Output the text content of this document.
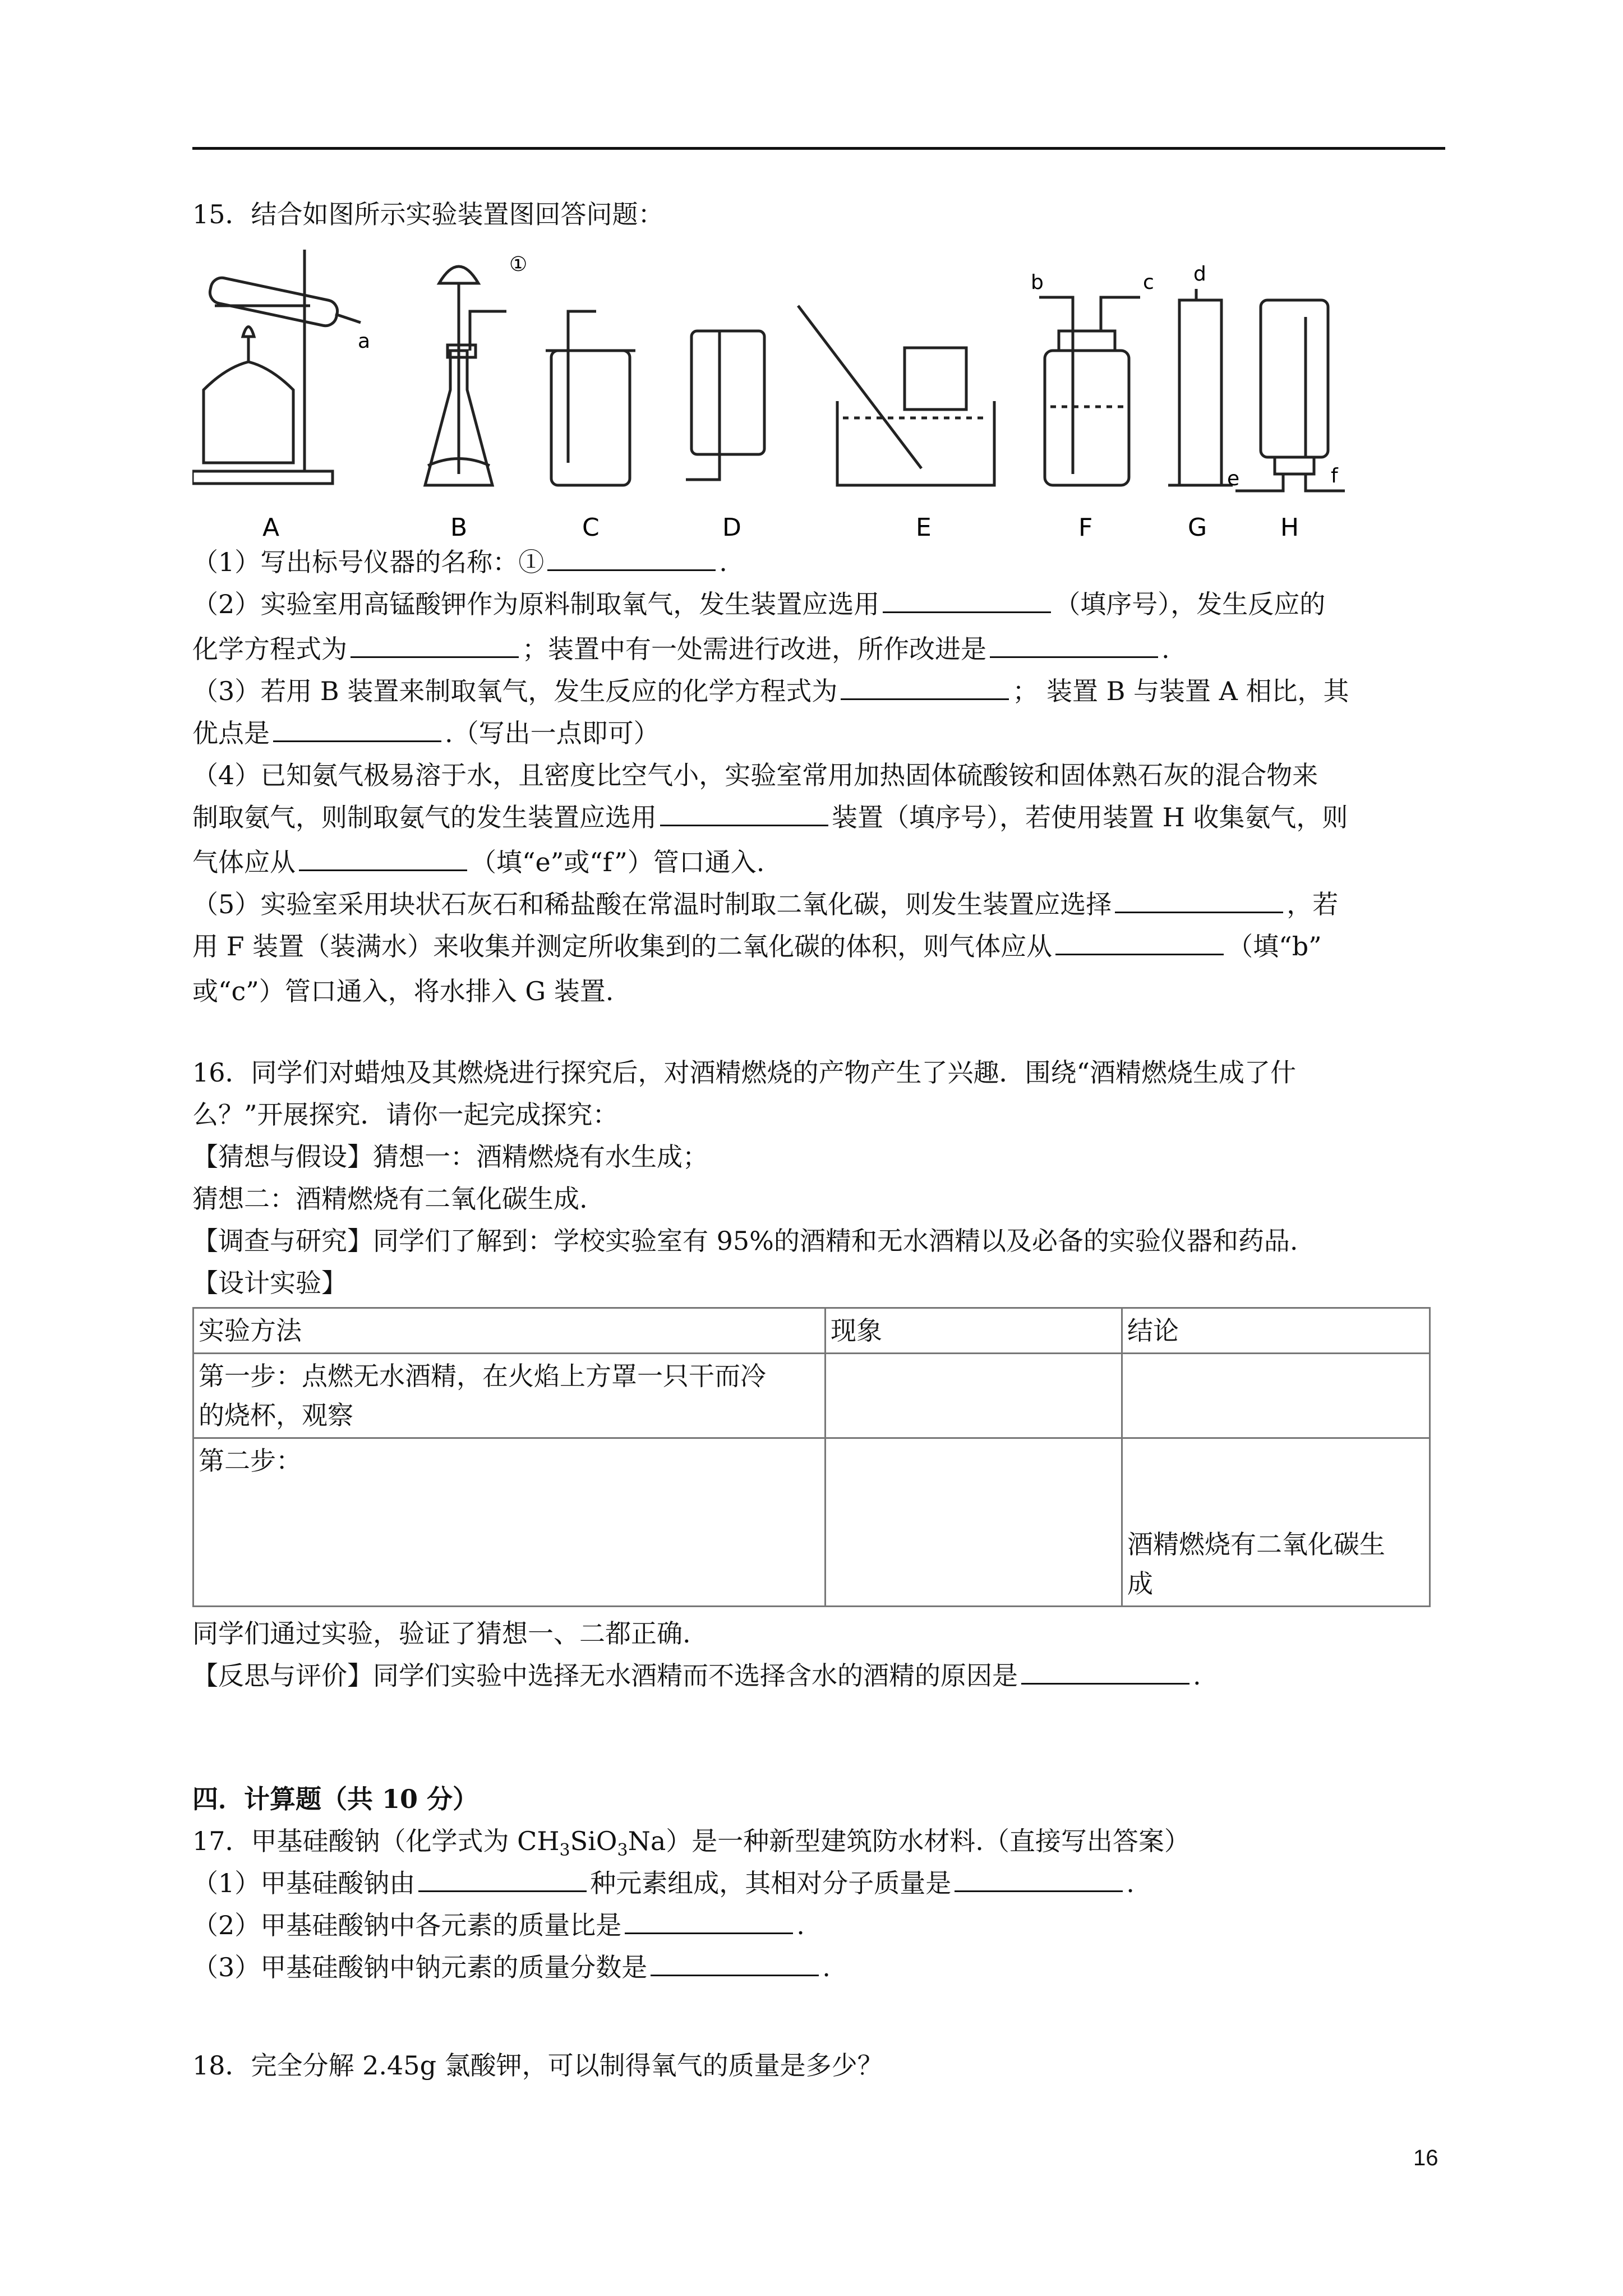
15．结合如图所示实验装置图回答问题：
①
a
b	c d
e	f
A	B	C	D	E	F	G	H
（1）写出标号仪器的名称：①	.
（2）实验室用高锰酸钾作为原料制取氧气，发生装置应选用	（填序号），发生反应的
化学方程式为	；装置中有一处需进行改进，所作改进是	.
（3）若用 B 装置来制取氧气，发生反应的化学方程式为	； 装置 B 与装置 A 相比，其
优点是	.（写出一点即可）
（4）已知氨气极易溶于水，且密度比空气小，实验室常用加热固体硫酸铵和固体熟石灰的混合物来
制取氨气，则制取氨气的发生装置应选用	装置（填序号），若使用装置 H 收集氨气，则
气体应从	（填“e”或“f”）管口通入.
（5）实验室采用块状石灰石和稀盐酸在常温时制取二氧化碳，则发生装置应选择	，若
用 F 装置（装满水）来收集并测定所收集到的二氧化碳的体积，则气体应从	（填“b”
或“c”）管口通入，将水排入 G 装置.
16．同学们对蜡烛及其燃烧进行探究后，对酒精燃烧的产物产生了兴趣．围绕“酒精燃烧生成了什
么？”开展探究．请你一起完成探究：
【猜想与假设】猜想一：酒精燃烧有水生成；
猜想二：酒精燃烧有二氧化碳生成.
【调查与研究】同学们了解到：学校实验室有 95%的酒精和无水酒精以及必备的实验仪器和药品.
【设计实验】
实验方法	现象	结论

第一步：点燃无水酒精，在火焰上方罩一只干而冷
的烧杯，观察		

第二步：		酒精燃烧有二氧化碳生
成
同学们通过实验，验证了猜想一、二都正确.
【反思与评价】同学们实验中选择无水酒精而不选择含水的酒精的原因是	.
四．计算题（共 10 分）
17．甲基硅酸钠（化学式为 $CH_3SiO_3Na$）是一种新型建筑防水材料.（直接写出答案）
（1）甲基硅酸钠由	种元素组成，其相对分子质量是	.
（2）甲基硅酸钠中各元素的质量比是	.
（3）甲基硅酸钠中钠元素的质量分数是	.
18．完全分解 2.45g 氯酸钾，可以制得氧气的质量是多少？
16
